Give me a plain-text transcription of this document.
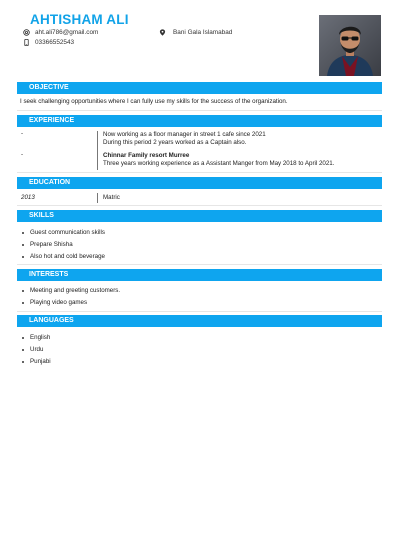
AHTISHAM ALI
aht.ali786@gmail.com
03366552543
Bani Gala Islamabad
OBJECTIVE
I seek challenging opportunities where I can fully use my skills for the success of the organization.
EXPERIENCE
-	Now working as a floor manager in street 1 cafe since 2021
During this period 2 years worked as a Captain also.
-	Chinnar Family resort Murree
Three years working experience as a Assistant Manger from May 2018 to April 2021.
EDUCATION
2013	Matric
SKILLS
Guest communication skills
Prepare Shisha
Also hot and cold beverage
INTERESTS
Meeting and greeting customers.
Playing video games
LANGUAGES
English
Urdu
Punjabi
